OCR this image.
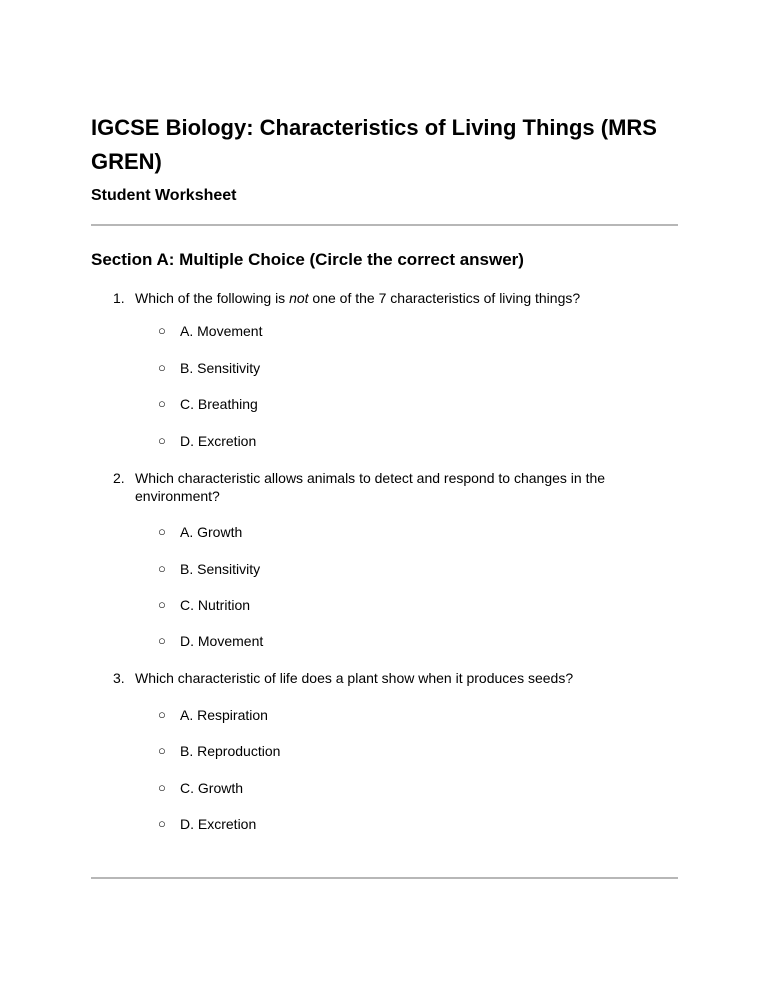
IGCSE Biology: Characteristics of Living Things (MRS GREN)
Student Worksheet
Section A: Multiple Choice (Circle the correct answer)
1. Which of the following is not one of the 7 characteristics of living things?
○ A. Movement
○ B. Sensitivity
○ C. Breathing
○ D. Excretion
2. Which characteristic allows animals to detect and respond to changes in the environment?
○ A. Growth
○ B. Sensitivity
○ C. Nutrition
○ D. Movement
3. Which characteristic of life does a plant show when it produces seeds?
○ A. Respiration
○ B. Reproduction
○ C. Growth
○ D. Excretion
